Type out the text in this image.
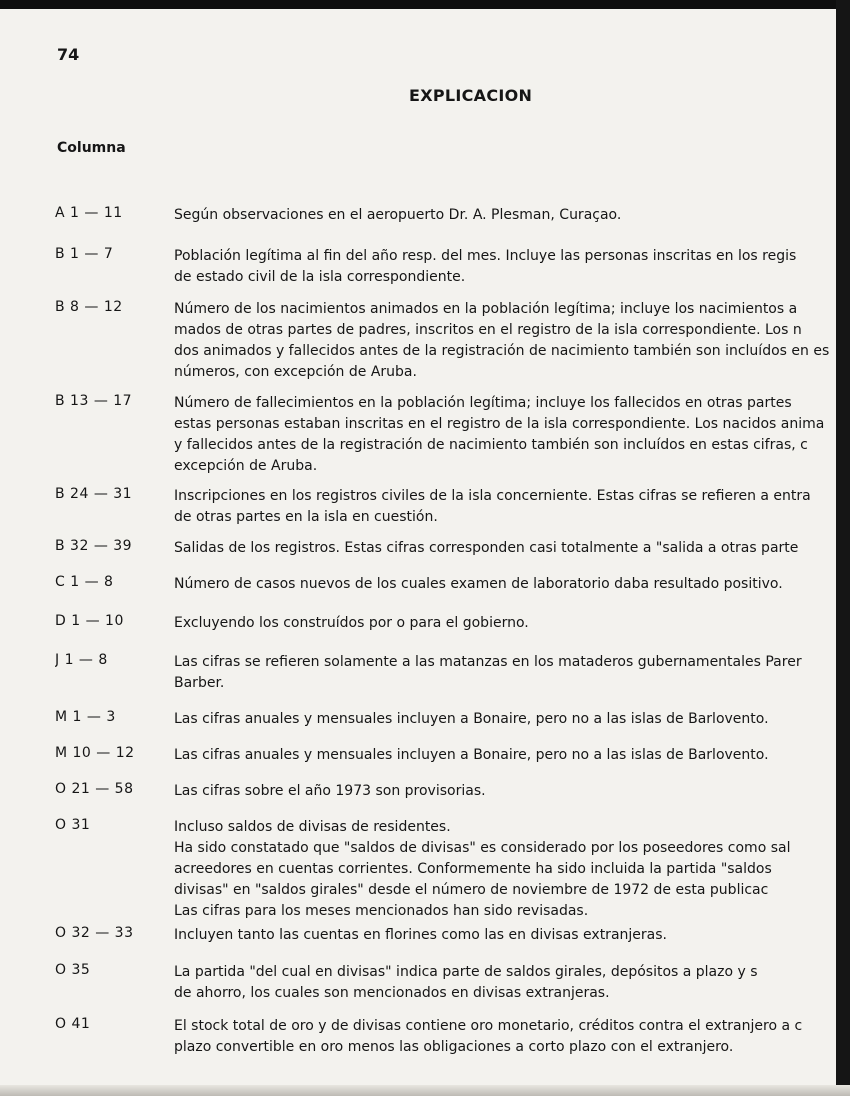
74
EXPLICACION
Columna
A 1 — 11	Según observaciones en el aeropuerto Dr. A. Plesman, Curaçao.
B 1 — 7	Población legítima al fin del año resp. del mes. Incluye las personas inscritas en los regis
de estado civil de la isla correspondiente.
B 8 — 12	Número de los nacimientos animados en la población legítima; incluye los nacimientos a
mados de otras partes de padres, inscritos en el registro de la isla correspondiente. Los n
dos animados y fallecidos antes de la registración de nacimiento también son incluídos en es
números, con excepción de Aruba.
B 13 — 17	Número de fallecimientos en la población legítima; incluye los fallecidos en otras partes
estas personas estaban inscritas en el registro de la isla correspondiente. Los nacidos anima
y fallecidos antes de la registración de nacimiento también son incluídos en estas cifras, c
excepción de Aruba.
B 24 — 31	Inscripciones en los registros civiles de la isla concerniente. Estas cifras se refieren a entra
de otras partes en la isla en cuestión.
B 32 — 39	Salidas de los registros. Estas cifras corresponden casi totalmente a "salida a otras parte
C 1 — 8	Número de casos nuevos de los cuales examen de laboratorio daba resultado positivo.
D 1 — 10	Excluyendo los construídos por o para el gobierno.
J 1 — 8	Las cifras se refieren solamente a las matanzas en los mataderos gubernamentales Parer
Barber.
M 1 — 3	Las cifras anuales y mensuales incluyen a Bonaire, pero no a las islas de Barlovento.
M 10 — 12	Las cifras anuales y mensuales incluyen a Bonaire, pero no a las islas de Barlovento.
O 21 — 58	Las cifras sobre el año 1973 son provisorias.
O 31	Incluso saldos de divisas de residentes.
Ha sido constatado que "saldos de divisas" es considerado por los poseedores como sal
acreedores en cuentas corrientes. Conformemente ha sido incluida la partida "saldos
divisas" en "saldos girales" desde el número de noviembre de 1972 de esta publicac
Las cifras para los meses mencionados han sido revisadas.
O 32 — 33	Incluyen tanto las cuentas en florines como las en divisas extranjeras.
O 35	La partida "del cual en divisas" indica parte de saldos girales, depósitos a plazo y s
de ahorro, los cuales son mencionados en divisas extranjeras.
O 41	El stock total de oro y de divisas contiene oro monetario, créditos contra el extranjero a c
plazo convertible en oro menos las obligaciones a corto plazo con el extranjero.
